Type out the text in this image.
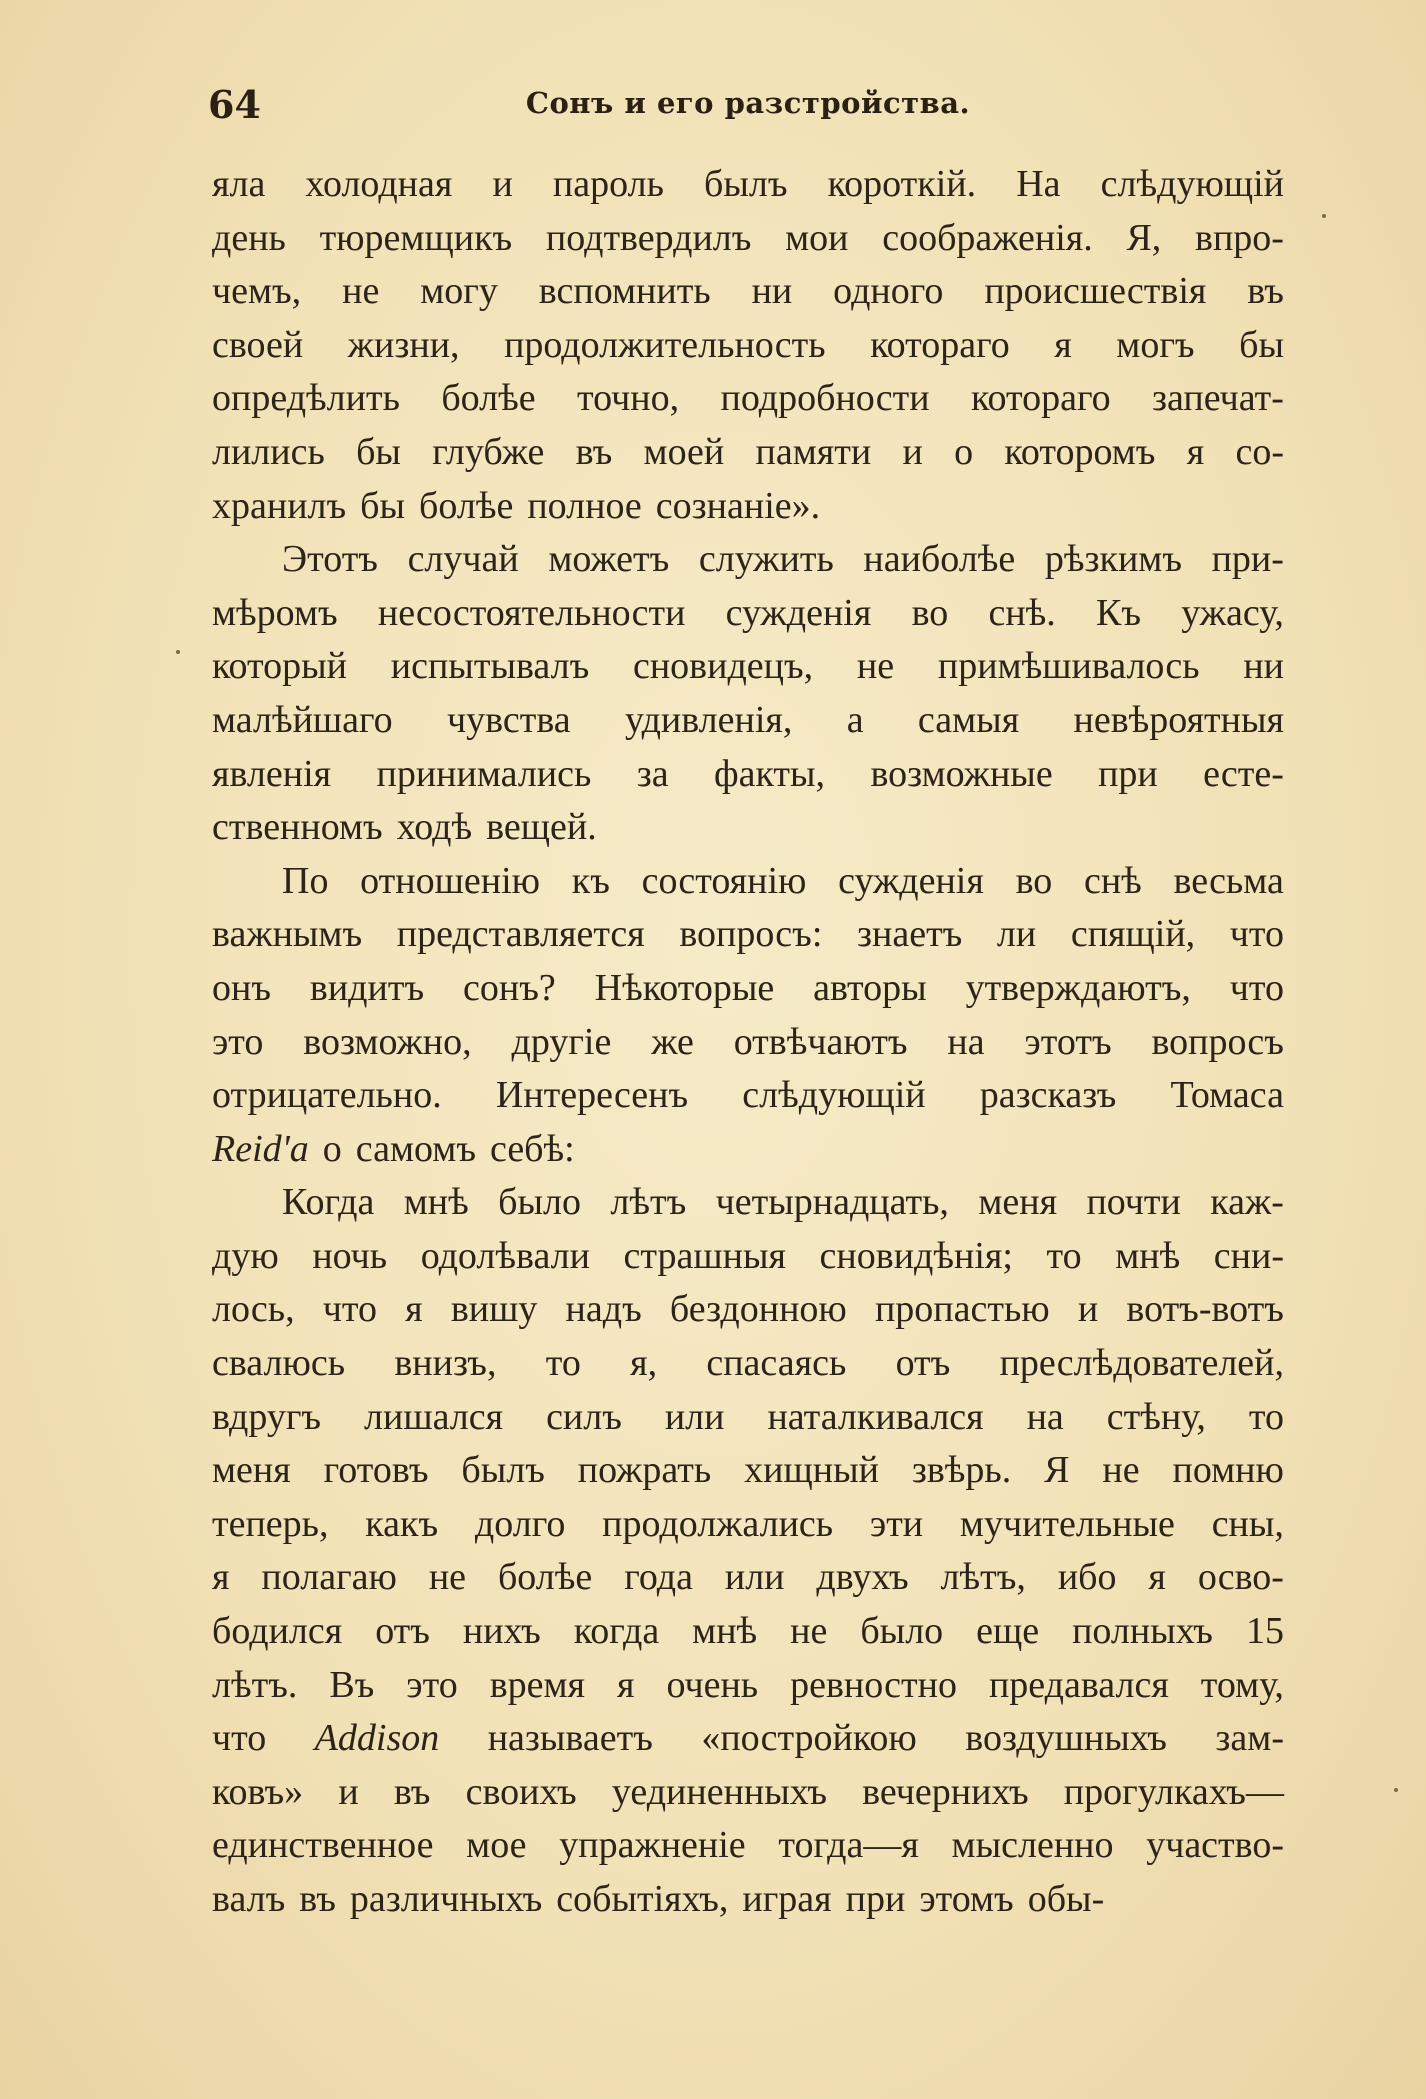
64	Сонъ и его разстройства.
яла холодная и пароль былъ короткій. На слѣдующій
день тюремщикъ подтвердилъ мои соображенія. Я, впро-
чемъ, не могу вспомнить ни одного происшествія въ
своей жизни, продолжительность котораго я могъ бы
опредѣлить болѣе точно, подробности котораго запечат-
лились бы глубже въ моей памяти и о которомъ я со-
хранилъ бы болѣе полное сознаніе».
Этотъ случай можетъ служить наиболѣе рѣзкимъ при-
мѣромъ несостоятельности сужденія во снѣ. Къ ужасу,
который испытывалъ сновидецъ, не примѣшивалось ни
малѣйшаго чувства удивленія, а самыя невѣроятныя
явленія принимались за факты, возможные при есте-
ственномъ ходѣ вещей.
По отношенію къ состоянію сужденія во снѣ весьма
важнымъ представляется вопросъ: знаетъ ли спящій, что
онъ видитъ сонъ? Нѣкоторые авторы утверждаютъ, что
это возможно, другіе же отвѣчаютъ на этотъ вопросъ
отрицательно. Интересенъ слѣдующій разсказъ Томаса
Reid'а о самомъ себѣ:
Когда мнѣ было лѣтъ четырнадцать, меня почти каж-
дую ночь одолѣвали страшныя сновидѣнія; то мнѣ сни-
лось, что я вишу надъ бездонною пропастью и вотъ-вотъ
свалюсь внизъ, то я, спасаясь отъ преслѣдователей,
вдругъ лишался силъ или наталкивался на стѣну, то
меня готовъ былъ пожрать хищный звѣрь. Я не помню
теперь, какъ долго продолжались эти мучительные сны,
я полагаю не болѣе года или двухъ лѣтъ, ибо я осво-
бодился отъ нихъ когда мнѣ не было еще полныхъ 15
лѣтъ. Въ это время я очень ревностно предавался тому,
что Addison называетъ «постройкою воздушныхъ зам-
ковъ» и въ своихъ уединенныхъ вечернихъ прогулкахъ—
единственное мое упражненіе тогда—я мысленно участво-
валъ въ различныхъ событіяхъ, играя при этомъ обы-
